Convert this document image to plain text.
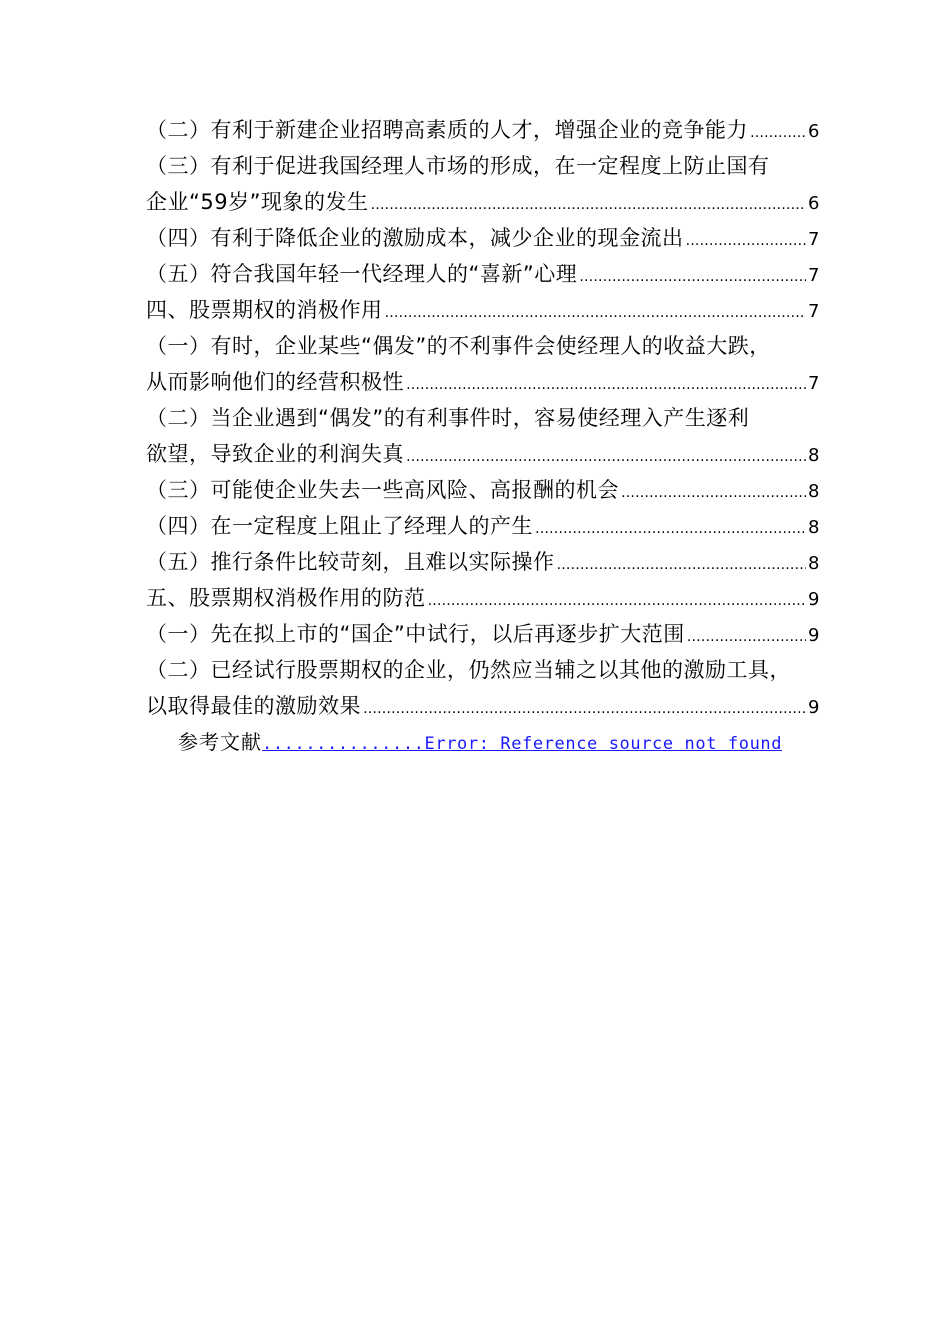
（二）有利于新建企业招聘高素质的人才，增强企业的竞争能力 …………………………………………………………………………………………………………………………………………………………	6
（三）有利于促进我国经理人市场的形成，在一定程度上防止国有
企业“59岁”现象的发生 …………………………………………………………………………………………………………………………………………………………	6
（四）有利于降低企业的激励成本，减少企业的现金流出 …………………………………………………………………………………………………………………………………………………………	7
（五）符合我国年轻一代经理人的“喜新”心理 …………………………………………………………………………………………………………………………………………………………	7
四、股票期权的消极作用 …………………………………………………………………………………………………………………………………………………………	7
（一）有时，企业某些“偶发”的不利事件会使经理人的收益大跌，
从而影响他们的经营积极性 …………………………………………………………………………………………………………………………………………………………	7
（二）当企业遇到“偶发”的有利事件时，容易使经理入产生逐利
欲望，导致企业的利润失真 …………………………………………………………………………………………………………………………………………………………	8
（三）可能使企业失去一些高风险、高报酬的机会 …………………………………………………………………………………………………………………………………………………………	8
（四）在一定程度上阻止了经理人的产生 …………………………………………………………………………………………………………………………………………………………	8
（五）推行条件比较苛刻，且难以实际操作 …………………………………………………………………………………………………………………………………………………………	8
五、股票期权消极作用的防范 …………………………………………………………………………………………………………………………………………………………	9
（一）先在拟上市的“国企”中试行，以后再逐步扩大范围 …………………………………………………………………………………………………………………………………………………………	9
（二）已经试行股票期权的企业，仍然应当辅之以其他的激励工具，
以取得最佳的激励效果 …………………………………………………………………………………………………………………………………………………………	9
参考文献 ...............Error: Reference source not found
